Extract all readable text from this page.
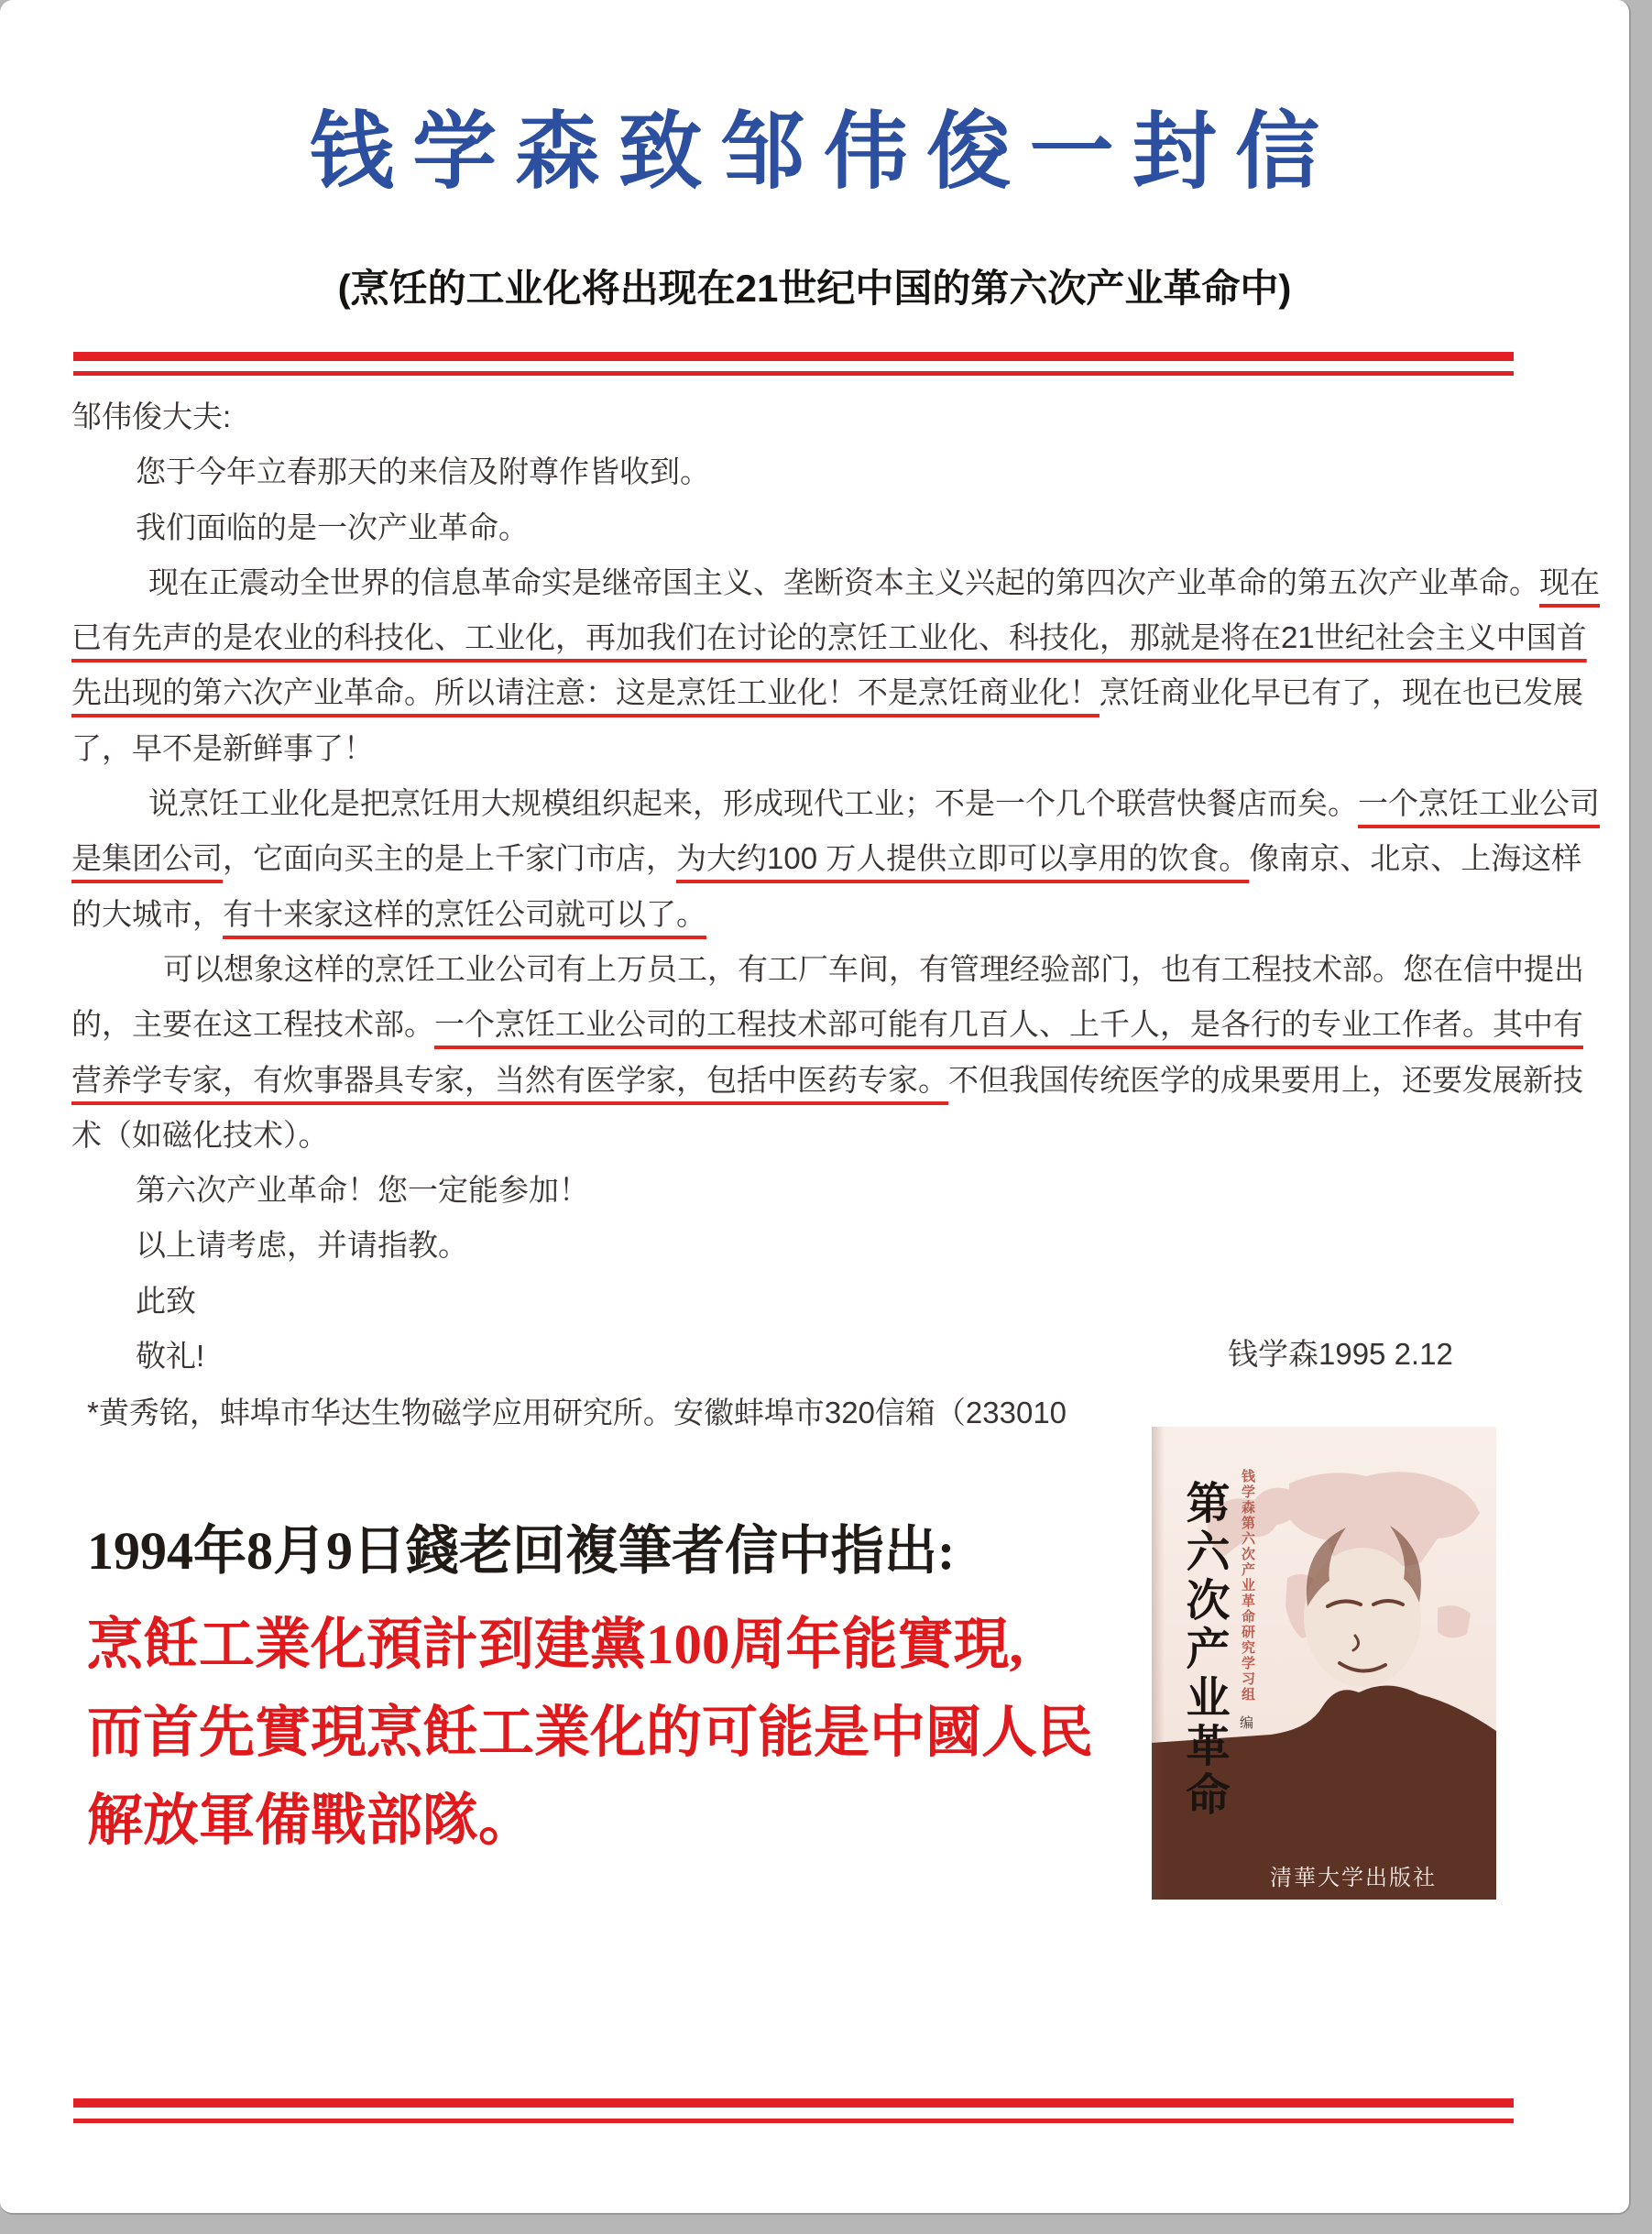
钱学森致邹伟俊一封信
(烹饪的工业化将出现在21世纪中国的第六次产业革命中)
邹伟俊大夫:
您于今年立春那天的来信及附尊作皆收到。
我们面临的是一次产业革命。
现在正震动全世界的信息革命实是继帝国主义、垄断资本主义兴起的第四次产业革命的第五次产业革命。现在
已有先声的是农业的科技化、工业化，再加我们在讨论的烹饪工业化、科技化，那就是将在21世纪社会主义中国首
先出现的第六次产业革命。所以请注意：这是烹饪工业化！不是烹饪商业化！烹饪商业化早已有了，现在也已发展
了，早不是新鲜事了！
说烹饪工业化是把烹饪用大规模组织起来，形成现代工业；不是一个几个联营快餐店而矣。一个烹饪工业公司
是集团公司，它面向买主的是上千家门市店，为大约100 万人提供立即可以享用的饮食。像南京、北京、上海这样
的大城市，有十来家这样的烹饪公司就可以了。
可以想象这样的烹饪工业公司有上万员工，有工厂车间，有管理经验部门，也有工程技术部。您在信中提出
的，主要在这工程技术部。一个烹饪工业公司的工程技术部可能有几百人、上千人，是各行的专业工作者。其中有
营养学专家，有炊事器具专家，当然有医学家，包括中医药专家。不但我国传统医学的成果要用上，还要发展新技
术（如磁化技术）。
第六次产业革命！您一定能参加！
以上请考虑，并请指教。
此致
敬礼!	钱学森1995 2.12
*黄秀铭，蚌埠市华达生物磁学应用研究所。安徽蚌埠市320信箱（233010
1994年8月9日錢老回複筆者信中指出:
烹飪工業化預計到建黨100周年能實現,
而首先實現烹飪工業化的可能是中國人民
解放軍備戰部隊。
第六次产业革命 钱学森第六次产业革命研究学习组
编
清華大学出版社
